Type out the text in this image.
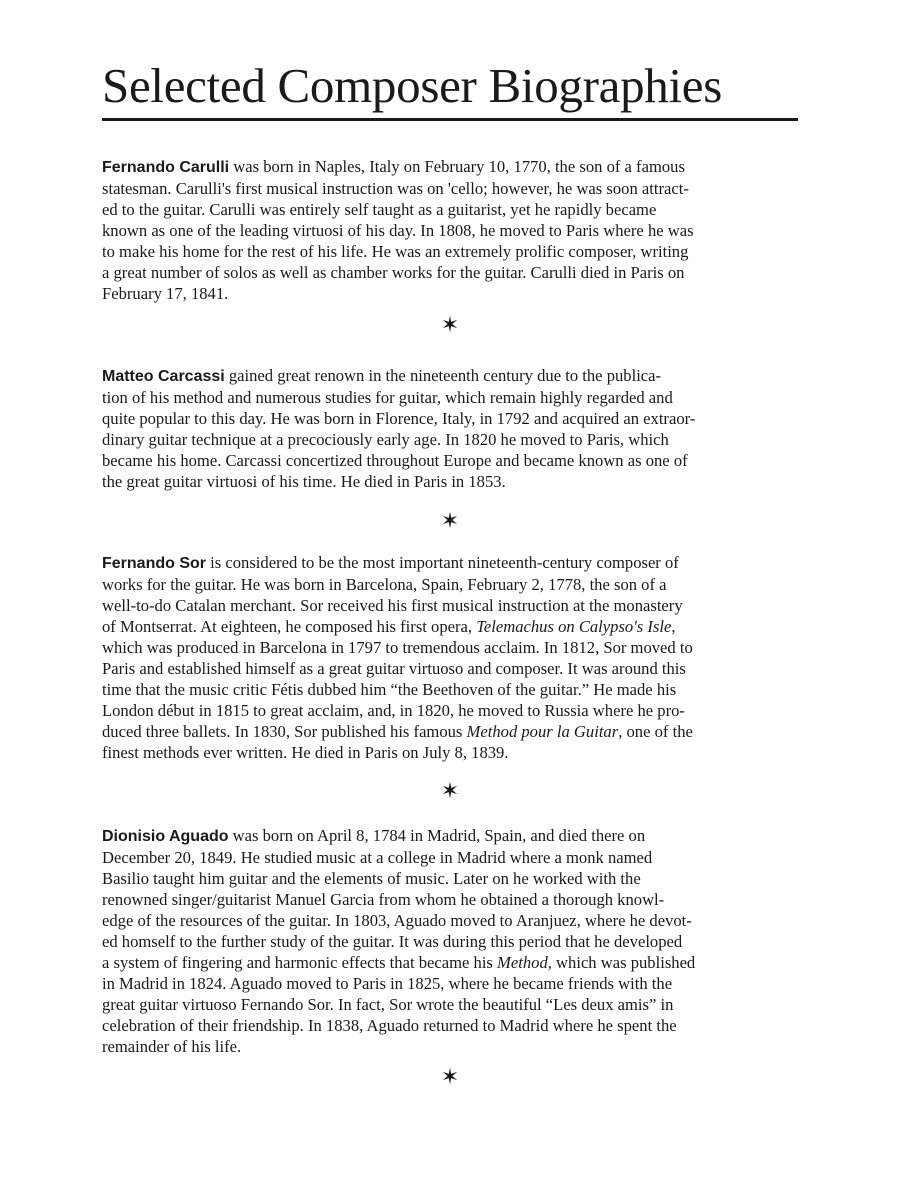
Selected Composer Biographies

Fernando Carulli was born in Naples, Italy on February 10, 1770, the son of a famous
statesman. Carulli's first musical instruction was on 'cello; however, he was soon attract-
ed to the guitar. Carulli was entirely self taught as a guitarist, yet he rapidly became
known as one of the leading virtuosi of his day. In 1808, he moved to Paris where he was
to make his home for the rest of his life. He was an extremely prolific composer, writing
a great number of solos as well as chamber works for the guitar. Carulli died in Paris on
February 17, 1841.

✶

Matteo Carcassi gained great renown in the nineteenth century due to the publica-
tion of his method and numerous studies for guitar, which remain highly regarded and
quite popular to this day. He was born in Florence, Italy, in 1792 and acquired an extraor-
dinary guitar technique at a precociously early age. In 1820 he moved to Paris, which
became his home. Carcassi concertized throughout Europe and became known as one of
the great guitar virtuosi of his time. He died in Paris in 1853.

✶

Fernando Sor is considered to be the most important nineteenth-century composer of
works for the guitar. He was born in Barcelona, Spain, February 2, 1778, the son of a
well-to-do Catalan merchant. Sor received his first musical instruction at the monastery
of Montserrat. At eighteen, he composed his first opera, Telemachus on Calypso's Isle,
which was produced in Barcelona in 1797 to tremendous acclaim. In 1812, Sor moved to
Paris and established himself as a great guitar virtuoso and composer. It was around this
time that the music critic Fétis dubbed him “the Beethoven of the guitar.” He made his
London début in 1815 to great acclaim, and, in 1820, he moved to Russia where he pro-
duced three ballets. In 1830, Sor published his famous Method pour la Guitar, one of the
finest methods ever written. He died in Paris on July 8, 1839.

✶

Dionisio Aguado was born on April 8, 1784 in Madrid, Spain, and died there on
December 20, 1849. He studied music at a college in Madrid where a monk named
Basilio taught him guitar and the elements of music. Later on he worked with the
renowned singer/guitarist Manuel Garcia from whom he obtained a thorough knowl-
edge of the resources of the guitar. In 1803, Aguado moved to Aranjuez, where he devot-
ed homself to the further study of the guitar. It was during this period that he developed
a system of fingering and harmonic effects that became his Method, which was published
in Madrid in 1824. Aguado moved to Paris in 1825, where he became friends with the
great guitar virtuoso Fernando Sor. In fact, Sor wrote the beautiful “Les deux amis” in
celebration of their friendship. In 1838, Aguado returned to Madrid where he spent the
remainder of his life.

✶
